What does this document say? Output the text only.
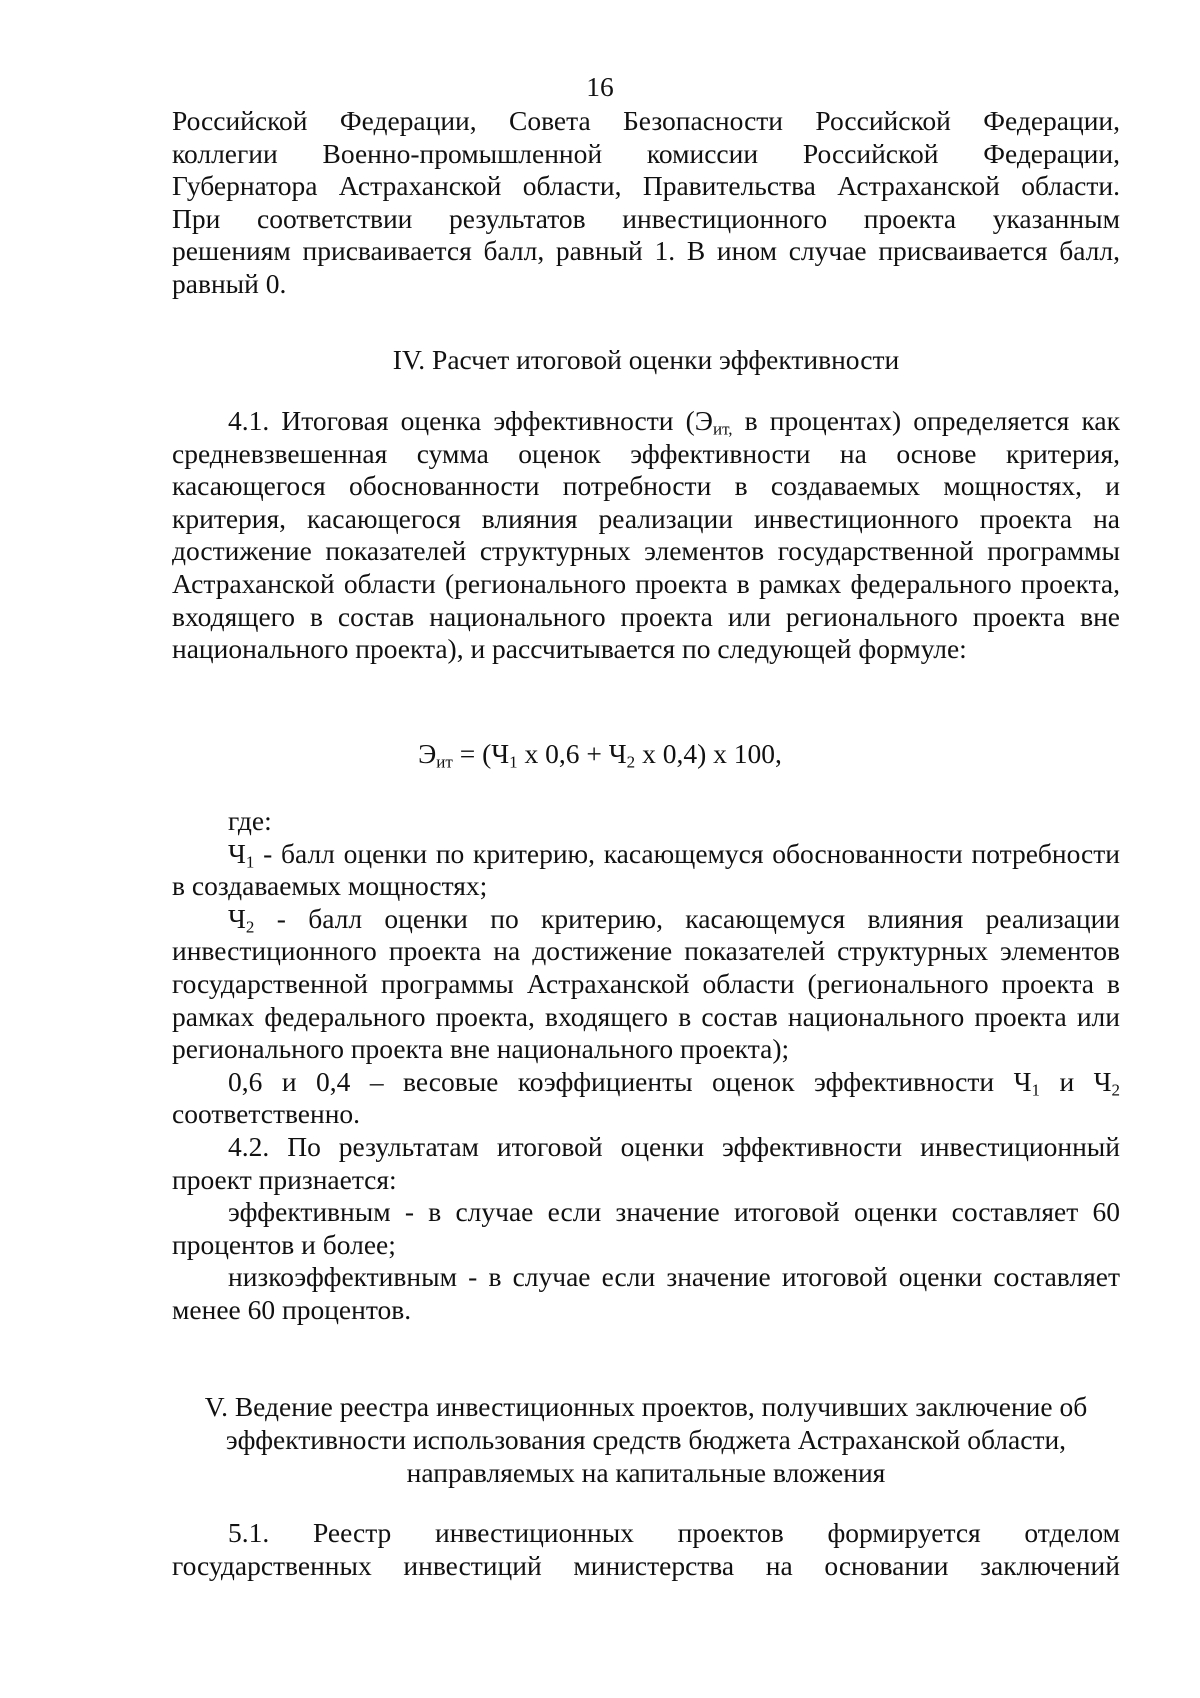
16

Российской Федерации, Совета Безопасности Российской Федерации,

коллегии Военно-промышленной комиссии Российской Федерации,

Губернатора Астраханской области, Правительства Астраханской области.

При соответствии результатов инвестиционного проекта указанным

решениям присваивается балл, равный 1. В ином случае присваивается балл,

равный 0.

IV. Расчет итоговой оценки эффективности

4.1. Итоговая оценка эффективности ($Э_{ит,}$ в процентах) определяется как средневзвешенная сумма оценок эффективности на основе критерия, касающегося обоснованности потребности в создаваемых мощностях, и критерия, касающегося влияния реализации инвестиционного проекта на достижение показателей структурных элементов государственной программы Астраханской области (регионального проекта в рамках федерального проекта, входящего в состав национального проекта или регионального проекта вне национального проекта), и рассчитывается по следующей формуле:

$Э_{ит} = (Ч_1$ х $0,6 + Ч_2$ х 0,4) х 100,

где:

$Ч_1$ - балл оценки по критерию, касающемуся обоснованности потребности в создаваемых мощностях;

$Ч_2$ - балл оценки по критерию, касающемуся влияния реализации инвестиционного проекта на достижение показателей структурных элементов государственной программы Астраханской области (регионального проекта в рамках федерального проекта, входящего в состав национального проекта или регионального проекта вне национального проекта);

0,6 и 0,4 – весовые коэффициенты оценок эффективности $Ч_1$ и $Ч_2$ соответственно.

4.2. По результатам итоговой оценки эффективности инвестиционный проект признается:

эффективным - в случае если значение итоговой оценки составляет 60 процентов и более;

низкоэффективным - в случае если значение итоговой оценки составляет менее 60 процентов.

V. Ведение реестра инвестиционных проектов, получивших заключение об

эффективности использования средств бюджета Астраханской области,

направляемых на капитальные вложения

5.1. Реестр инвестиционных проектов формируется отделом

государственных инвестиций министерства на основании заключений
